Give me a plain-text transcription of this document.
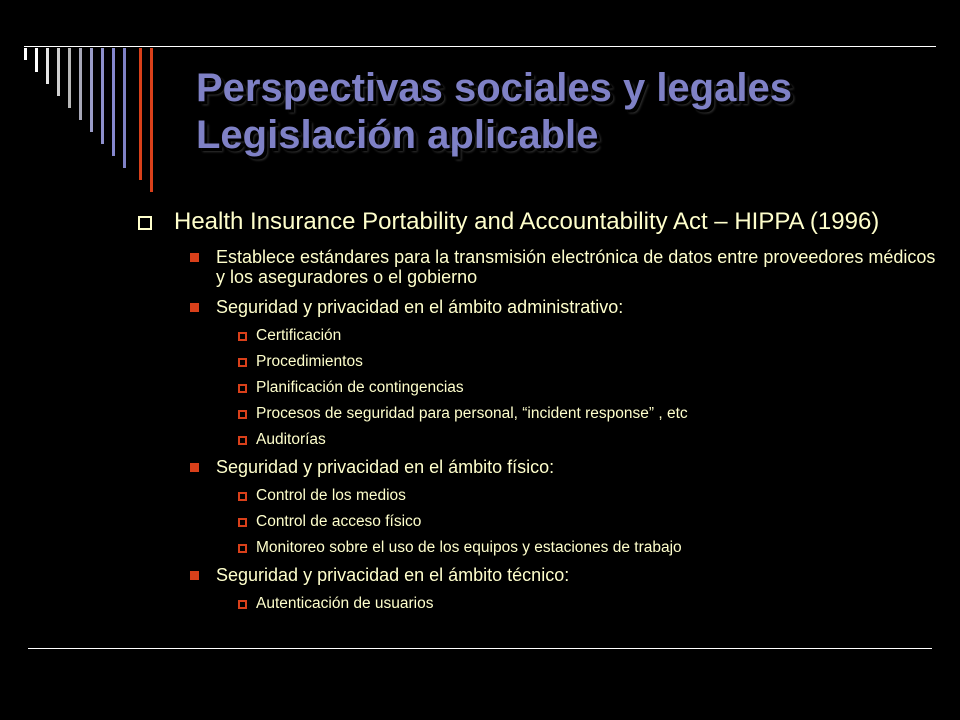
Perspectivas sociales y legales
Legislación aplicable
Health Insurance Portability and Accountability Act – HIPPA (1996)
Establece estándares para la transmisión electrónica de datos entre proveedores médicos y los aseguradores o el gobierno
Seguridad y privacidad en el ámbito administrativo:
Certificación
Procedimientos
Planificación de contingencias
Procesos de seguridad para personal, “incident response” , etc
Auditorías
Seguridad y privacidad en el ámbito físico:
Control de los medios
Control de acceso físico
Monitoreo sobre el uso de los equipos y estaciones de trabajo
Seguridad y privacidad en el ámbito técnico:
Autenticación de usuarios
